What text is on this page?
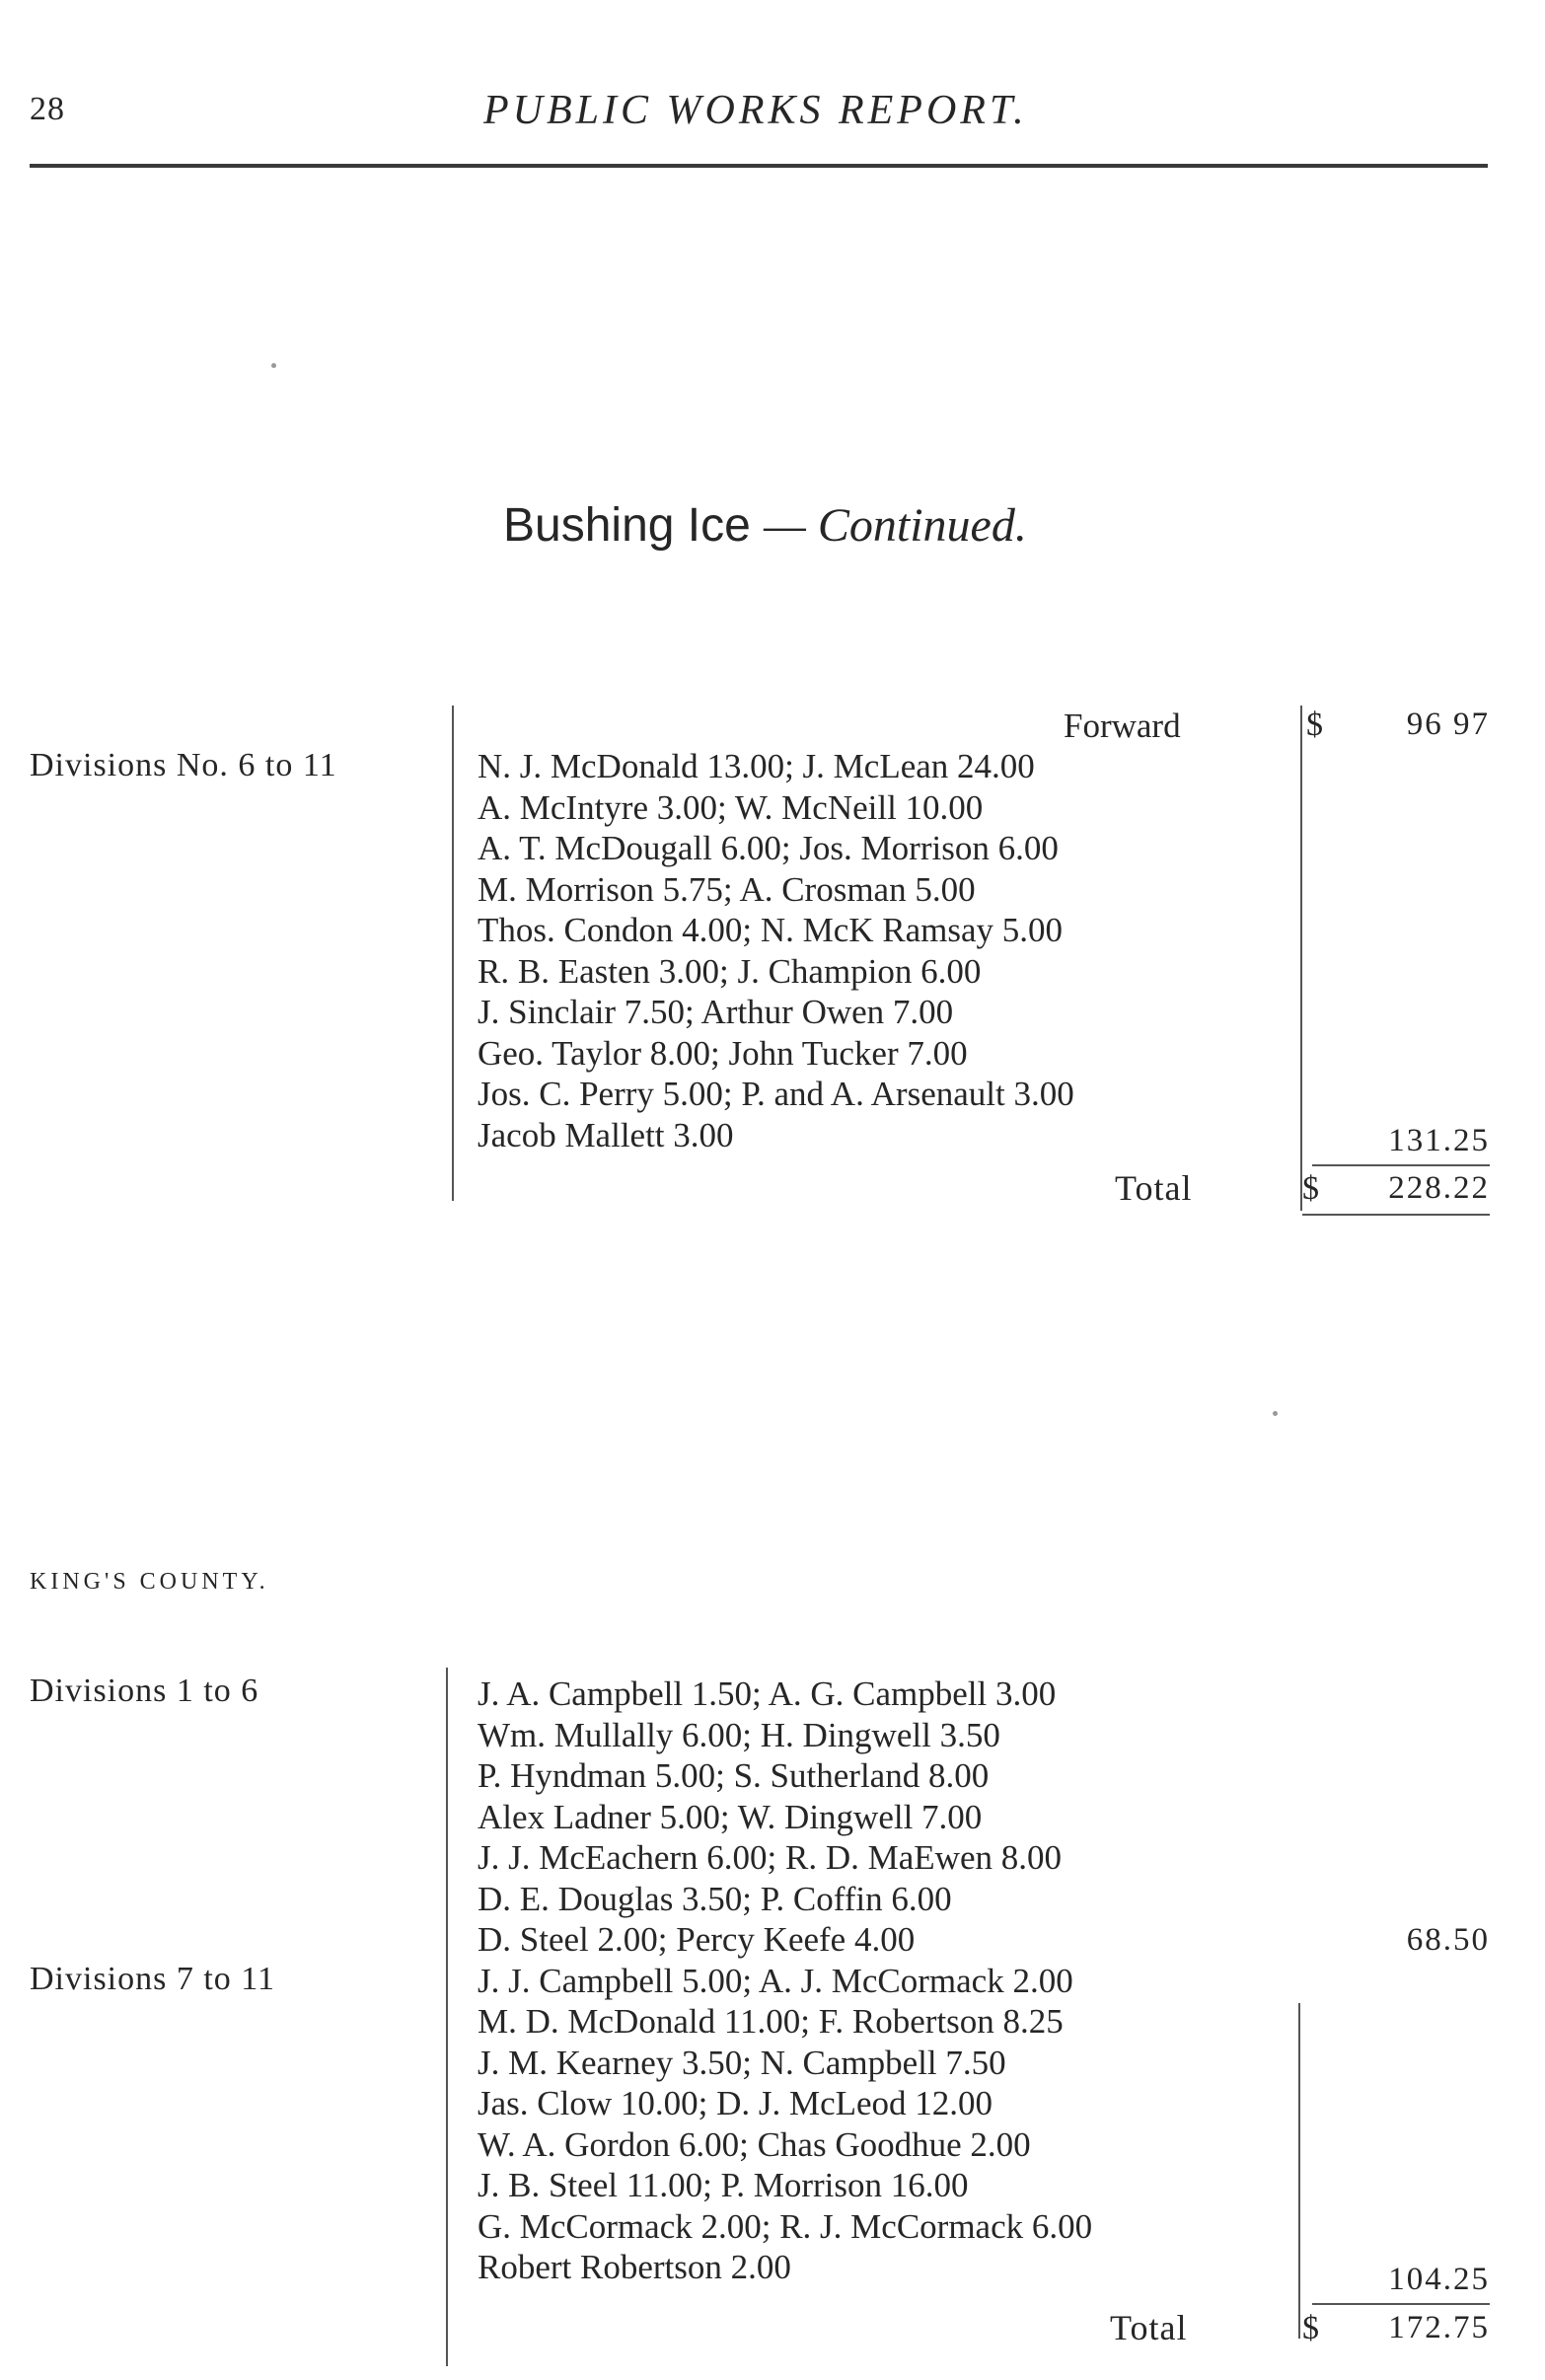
28	PUBLIC WORKS REPORT.
Bushing Ice — Continued.
Divisions No. 6 to 11
Forward	$	96 97
N. J. McDonald 13.00; J. McLean 24.00
A. McIntyre 3.00; W. McNeill 10.00
A. T. McDougall 6.00; Jos. Morrison 6.00
M. Morrison 5.75; A. Crosman 5.00
Thos. Condon 4.00; N. McK Ramsay 5.00
R. B. Easten 3.00; J. Champion 6.00
J. Sinclair 7.50; Arthur Owen 7.00
Geo. Taylor 8.00; John Tucker 7.00
Jos. C. Perry 5.00; P. and A. Arsenault 3.00
Jacob Mallett 3.00	131.25
Total	$	228.22
KING'S COUNTY.
Divisions 1 to 6	J. A. Campbell 1.50; A. G. Campbell 3.00
Wm. Mullally 6.00; H. Dingwell 3.50
P. Hyndman 5.00; S. Sutherland 8.00
Alex Ladner 5.00; W. Dingwell 7.00
J. J. McEachern 6.00; R. D. MaEwen 8.00
D. E. Douglas 3.50; P. Coffin 6.00
D. Steel 2.00; Percy Keefe 4.00	68.50
Divisions 7 to 11	J. J. Campbell 5.00; A. J. McCormack 2.00
M. D. McDonald 11.00; F. Robertson 8.25
J. M. Kearney 3.50; N. Campbell 7.50
Jas. Clow 10.00; D. J. McLeod 12.00
W. A. Gordon 6.00; Chas Goodhue 2.00
J. B. Steel 11.00; P. Morrison 16.00
G. McCormack 2.00; R. J. McCormack 6.00
Robert Robertson 2.00	104.25
Total	$	172.75
